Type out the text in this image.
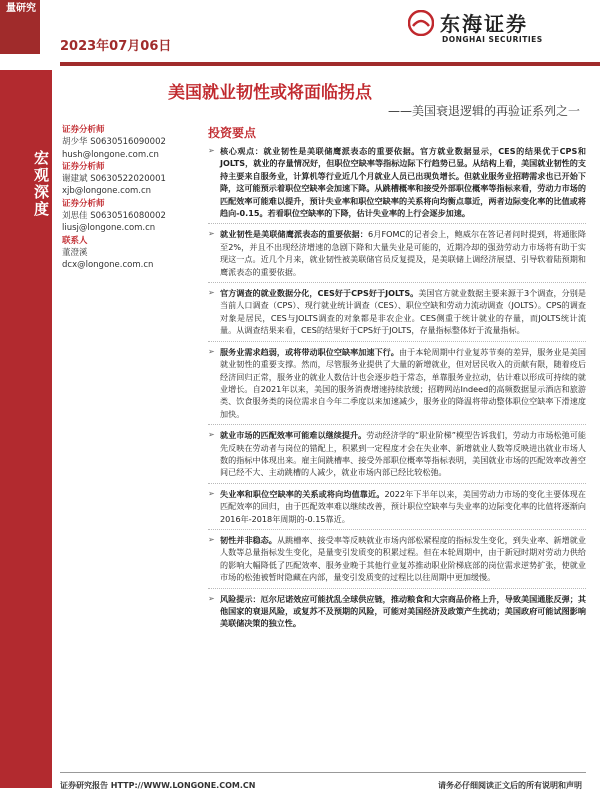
量研究
2023年07月06日
东海证券
DONGHAI SECURITIES
宏观深度
美国就业韧性或将面临拐点
——美国衰退逻辑的再验证系列之一
证券分析师
胡少华 S0630516090002
hush@longone.com.cn
证券分析师
谢建斌 S0630522020001
xjb@longone.com.cn
证券分析师
刘思佳 S0630516080002
liusj@longone.com.cn
联系人
董澄溪
dcx@longone.com.cn
投资要点
➢ 核心观点：就业韧性是美联储鹰派表态的重要依据。官方就业数据显示，CES的结果优于CPS和JOLTS，就业的存量情况好，但职位空缺率等指标边际下行趋势已显。从结构上看，美国就业韧性的支持主要来自服务业，计算机等行业近几个月就业人员已出现负增长。但就业服务业招聘需求也已开始下降，这可能预示着职位空缺率会加速下降。从跳槽概率和接受外部职位概率等指标来看，劳动力市场的匹配效率可能难以提升，预计失业率和职位空缺率的关系将向均衡点靠近，两者边际变化率的比值或将趋向-0.15。若看职位空缺率的下降，估计失业率的上行会逐步加速。
➢ 就业韧性是美联储鹰派表态的重要依据：6月FOMC的记者会上，鲍威尔在答记者问时提到，将通胀降至2%，并且不出现经济增速的急剧下降和大量失业是可能的，近期冷却的强劲劳动力市场将有助于实现这一点。近几个月来，就业韧性被美联储官员反复提及，是美联储上调经济展望、引导软着陆预期和鹰派表态的重要依据。
➢ 官方调查的就业数据分化，CES好于CPS好于JOLTS。美国官方就业数据主要来源于3个调查，分别是当前人口调查（CPS）、现行就业统计调查（CES）、职位空缺和劳动力流动调查（JOLTS）。CPS的调查对象是居民，CES与JOLTS调查的对象都是非农企业。CES侧重于统计就业的存量，而JOLTS统计流量。从调查结果来看，CES的结果好于CPS好于JOLTS，存量指标整体好于流量指标。
➢ 服务业需求趋弱，或将带动职位空缺率加速下行。由于本轮周期中行业复苏节奏的差异，服务业是美国就业韧性的重要支撑。然而，尽管服务业提供了大量的新增就业，但对居民收入的贡献有限，随着疫后经济回归正常，服务业的就业人数估计也会逐步趋于常态，单靠服务业拉动，估计难以形成可持续的就业增长。自2021年以来，美国的服务消费增速持续放缓；招聘网站Indeed的高频数据显示酒店和旅游类、饮食服务类的岗位需求自今年二季度以来加速减少，服务业的降温将带动整体职位空缺率下滑速度加快。
➢ 就业市场的匹配效率可能难以继续提升。劳动经济学的“职业阶梯”模型告诉我们，劳动力市场松弛可能先反映在劳动者与岗位的错配上，积累到一定程度才会在失业率、新增就业人数等反映进出就业市场人数的指标中体现出来。雇主间跳槽率、接受外部职位概率等指标表明，美国就业市场的匹配效率改善空间已经不大、主动跳槽的人减少，就业市场内部已经比较松弛。
➢ 失业率和职位空缺率的关系或将向均值靠近。2022年下半年以来，美国劳动力市场的变化主要体现在匹配效率的回归，由于匹配效率难以继续改善，预计职位空缺率与失业率的边际变化率的比值将逐渐向2016年-2018年周期的-0.15靠近。
➢ 韧性并非稳态。从跳槽率、接受率等反映就业市场内部松紧程度的指标发生变化，到失业率、新增就业人数等总量指标发生变化，是量变引发质变的积累过程。但在本轮周期中，由于新冠时期对劳动力供给的影响大幅降低了匹配效率、服务业晚于其他行业复苏推动职业阶梯底部的岗位需求逆势扩张，使就业市场的松弛被暂时隐藏在内部，量变引发质变的过程比以往周期中更加缓慢。
➢ 风险提示：厄尔尼诺效应可能扰乱全球供应链，推动粮食和大宗商品价格上升，导致美国通胀反弹；其他国家的衰退风险，或复苏不及预期的风险，可能对美国经济及政策产生扰动；美国政府可能试图影响美联储决策的独立性。
证券研究报告 HTTP://WWW.LONGONE.COM.CN	请务必仔细阅读正文后的所有说明和声明
